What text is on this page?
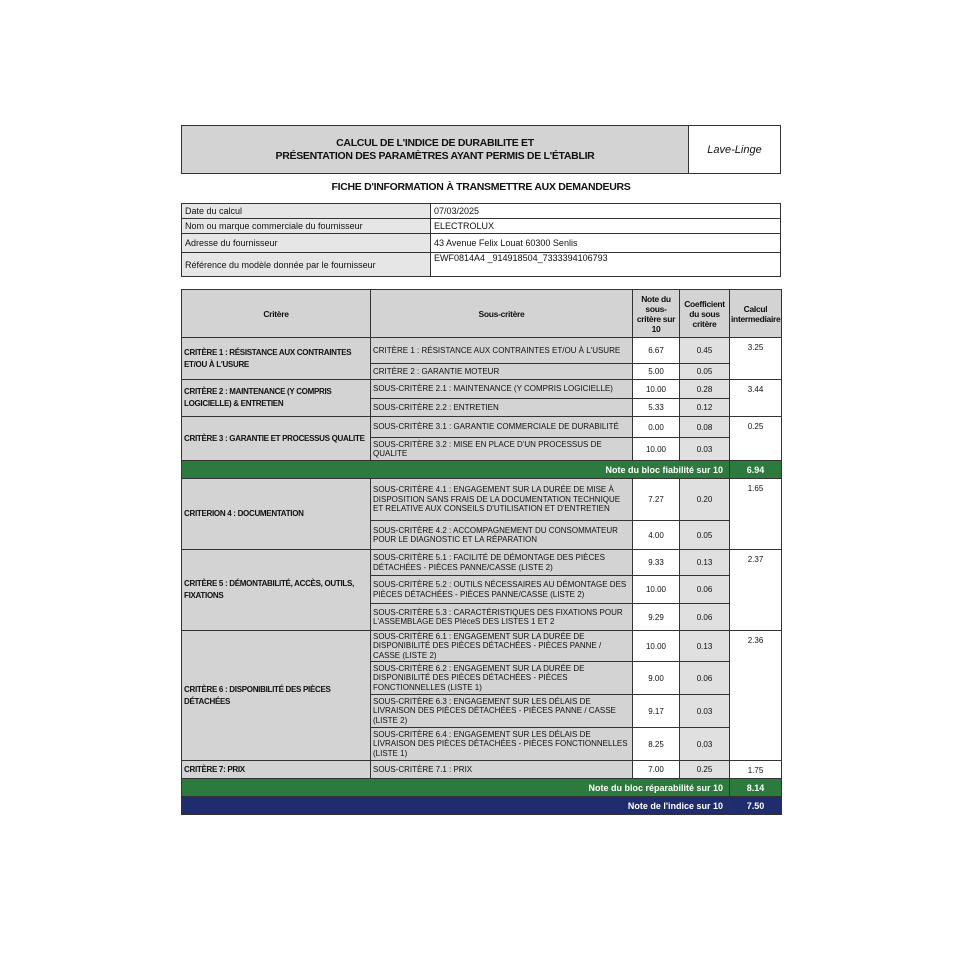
CALCUL DE L'INDICE DE DURABILITE ET
PRÉSENTATION DES PARAMÈTRES AYANT PERMIS DE L'ÉTABLIR	Lave-Linge
FICHE D'INFORMATION À TRANSMETTRE AUX DEMANDEURS
Date du calcul	07/03/2025
Nom ou marque commerciale du fournisseur	ELECTROLUX
Adresse du fournisseur	43 Avenue Felix Louat 60300 Senlis
Référence du modèle donnée par le fournisseur	EWF0814A4 _914918504_7333394106793
Critère	Sous-critère	Note du sous-critère sur 10	Coefficient du sous critère	Calcul intermediaire
CRITÈRE 1 : RÉSISTANCE AUX CONTRAINTES ET/OU À L'USURE	CRITÈRE 1 : RÉSISTANCE AUX CONTRAINTES ET/OU À L'USURE	6.67	0.45	3.25
	CRITÈRE 2 : GARANTIE MOTEUR	5.00	0.05	
CRITÈRE 2 : MAINTENANCE (Y COMPRIS LOGICIELLE) & ENTRETIEN	SOUS-CRITÈRE 2.1 : MAINTENANCE (Y COMPRIS LOGICIELLE)	10.00	0.28	3.44
	SOUS-CRITÈRE 2.2 : ENTRETIEN	5.33	0.12	
CRITÈRE 3 : GARANTIE ET PROCESSUS QUALITE	SOUS-CRITÈRE 3.1 : GARANTIE COMMERCIALE DE DURABILITÉ	0.00	0.08	0.25
	SOUS-CRITÈRE 3.2 : MISE EN PLACE D'UN PROCESSUS DE QUALITE	10.00	0.03	
Note du bloc fiabilité sur 10				6.94
CRITERION 4 : DOCUMENTATION	SOUS-CRITÈRE 4.1 : ENGAGEMENT SUR LA DURÉE DE MISE À DISPOSITION SANS FRAIS DE LA DOCUMENTATION TECHNIQUE ET RELATIVE AUX CONSEILS D'UTILISATION ET D'ENTRETIEN	7.27	0.20	1.65
	SOUS-CRITÈRE 4.2 : ACCOMPAGNEMENT DU CONSOMMATEUR POUR LE DIAGNOSTIC ET LA RÉPARATION	4.00	0.05	
CRITÈRE 5 : DÉMONTABILITÉ, ACCÈS, OUTILS, FIXATIONS	SOUS-CRITÈRE 5.1 : FACILITÉ DE DÉMONTAGE DES PIÈCES DÉTACHÉES - PIÈCES PANNE/CASSE (LISTE 2)	9.33	0.13	2.37
	SOUS-CRITÈRE 5.2 : OUTILS NÉCESSAIRES AU DÉMONTAGE DES PIÈCES DÉTACHÉES - PIÈCES PANNE/CASSE (LISTE 2)	10.00	0.06	
	SOUS-CRITÈRE 5.3 : CARACTÉRISTIQUES DES FIXATIONS POUR L'ASSEMBLAGE DES PIèceS DES LISTES 1 ET 2	9.29	0.06	
CRITÈRE 6 : DISPONIBILITÉ DES PIÈCES DÉTACHÉES	SOUS-CRITÈRE 6.1 : ENGAGEMENT SUR LA DURÉE DE DISPONIBILITÉ DES PIÈCES DÉTACHÉES - PIÈCES PANNE / CASSE (LISTE 2)	10.00	0.13	2.36
	SOUS-CRITÈRE 6.2 : ENGAGEMENT SUR LA DURÉE DE DISPONIBILITÉ DES PIÈCES DÉTACHÉES - PIÈCES FONCTIONNELLES (LISTE 1)	9.00	0.06	
	SOUS-CRITÈRE 6.3 : ENGAGEMENT SUR LES DÉLAIS DE LIVRAISON DES PIÈCES DÉTACHÉES - PIÈCES PANNE / CASSE (LISTE 2)	9.17	0.03	
	SOUS-CRITÈRE 6.4 : ENGAGEMENT SUR LES DÉLAIS DE LIVRAISON DES PIÈCES DÉTACHÉES - PIÈCES FONCTIONNELLES (LISTE 1)	8.25	0.03	
CRITÈRE 7: PRIX	SOUS-CRITÈRE 7.1 : PRIX	7.00	0.25	1.75
Note du bloc réparabilité sur 10				8.14
Note de l'indice sur 10				7.50
